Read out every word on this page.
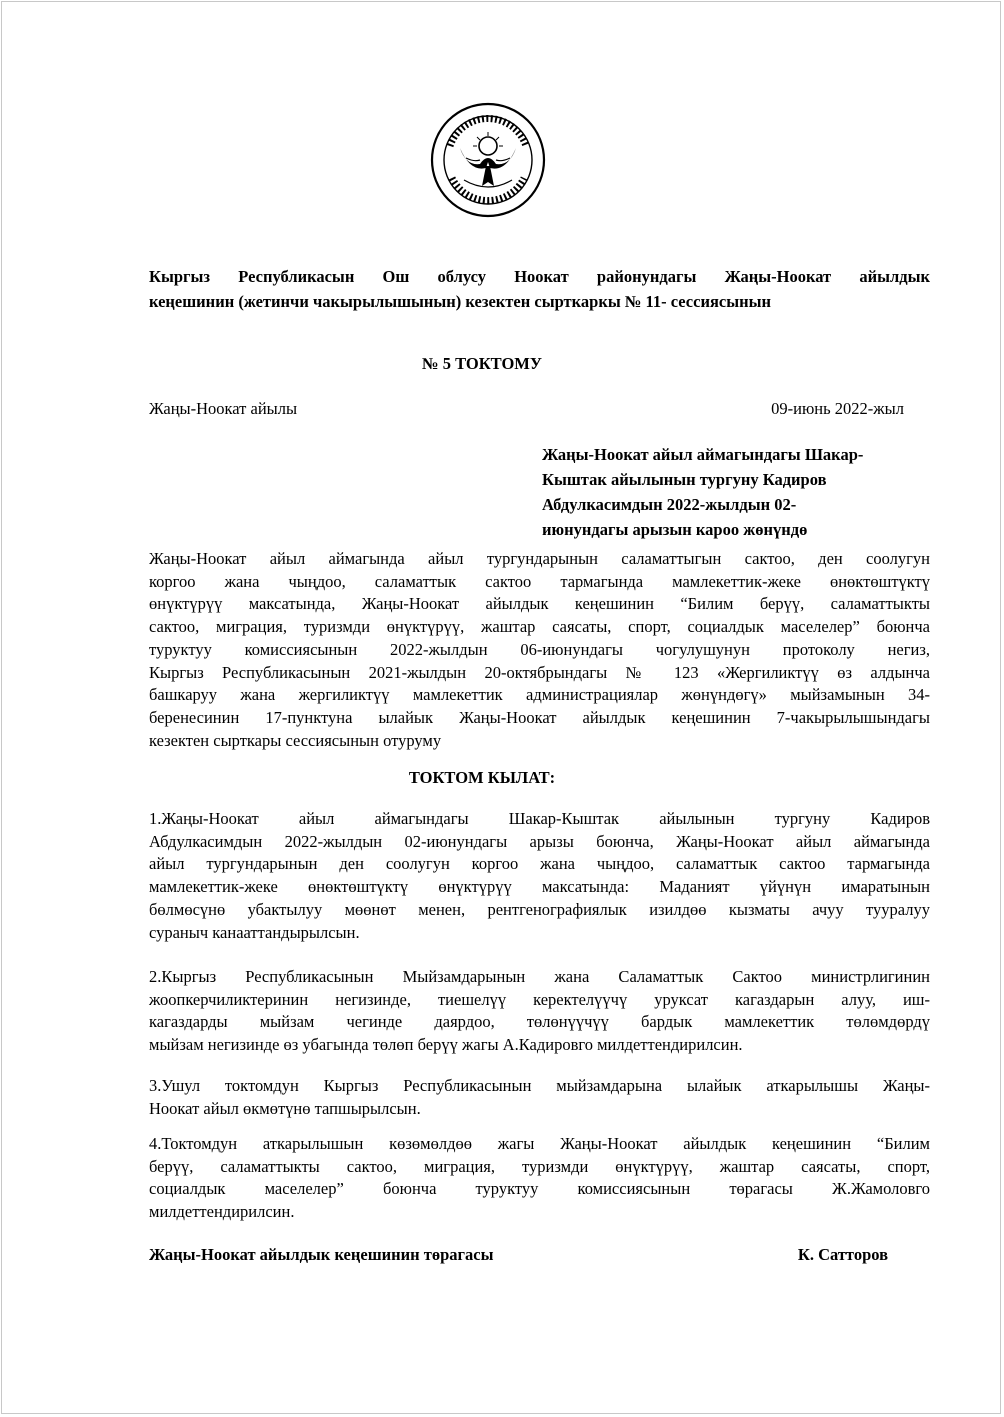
Кыргыз Республикасын Ош облусу Ноокат районундагы Жаңы-Ноокат айылдык
кеңешинин (жетинчи чакырылышынын) кезектен сырткаркы № 11- сессиясынын
№ 5 ТОКТОМУ
Жаңы-Ноокат айылы	09-июнь 2022-жыл
Жаңы-Ноокат айыл аймагындагы Шакар-
Кыштак айылынын тургуну Кадиров
Абдулкасимдын 2022-жылдын 02-
июнундагы арызын кароо жөнүндө
Жаңы-Ноокат айыл аймагында айыл тургундарынын саламаттыгын сактоо, ден соолугун
коргоо жана чыңдоо, саламаттык сактоо тармагында мамлекеттик-жеке өнөктөштүктү
өнүктүрүү максатында, Жаңы-Ноокат айылдык кеңешинин “Билим берүү, саламаттыкты
сактоо, миграция, туризмди өнүктүрүү, жаштар саясаты, спорт, социалдык маселелер” боюнча
туруктуу комиссиясынын 2022-жылдын 06-июнундагы чогулушунун протоколу негиз,
Кыргыз Республикасынын 2021-жылдын 20-октябрындагы № 123 «Жергиликтүү өз алдынча
башкаруу жана жергиликтүү мамлекеттик администрациялар жөнүндөгү» мыйзамынын 34-
беренесинин 17-пунктуна ылайык Жаңы-Ноокат айылдык кеңешинин 7-чакырылышындагы
кезектен сырткары сессиясынын отуруму
ТОКТОМ КЫЛАТ:
1.Жаңы-Ноокат айыл аймагындагы Шакар-Кыштак айылынын тургуну Кадиров
Абдулкасимдын 2022-жылдын 02-июнундагы арызы боюнча, Жаңы-Ноокат айыл аймагында
айыл тургундарынын ден соолугун коргоо жана чыңдоо, саламаттык сактоо тармагында
мамлекеттик-жеке өнөктөштүктү өнүктүрүү максатында: Маданият үйүнүн имаратынын
бөлмөсүнө убактылуу мөөнөт менен, рентгенографиялык изилдөө кызматы ачуу тууралуу
сураныч канааттандырылсын.
2.Кыргыз Республикасынын Мыйзамдарынын жана Саламаттык Сактоо министрлигинин
жоопкерчиликтеринин негизинде, тиешелүү керектелүүчү уруксат кагаздарын алуу, иш-
кагаздарды мыйзам чегинде даярдоо, төлөнүүчүү бардык мамлекеттик төлөмдөрдү
мыйзам негизинде өз убагында төлөп берүү жагы А.Кадировго милдеттендирилсин.
3.Ушул токтомдун Кыргыз Республикасынын мыйзамдарына ылайык аткарылышы Жаңы-
Ноокат айыл өкмөтүнө тапшырылсын.
4.Токтомдун аткарылышын көзөмөлдөө жагы Жаңы-Ноокат айылдык кеңешинин “Билим
берүү, саламаттыкты сактоо, миграция, туризмди өнүктүрүү, жаштар саясаты, спорт,
социалдык маселелер” боюнча туруктуу комиссиясынын төрагасы Ж.Жамоловго
милдеттендирилсин.
Жаңы-Ноокат айылдык кеңешинин төрагасы	К. Сатторов
